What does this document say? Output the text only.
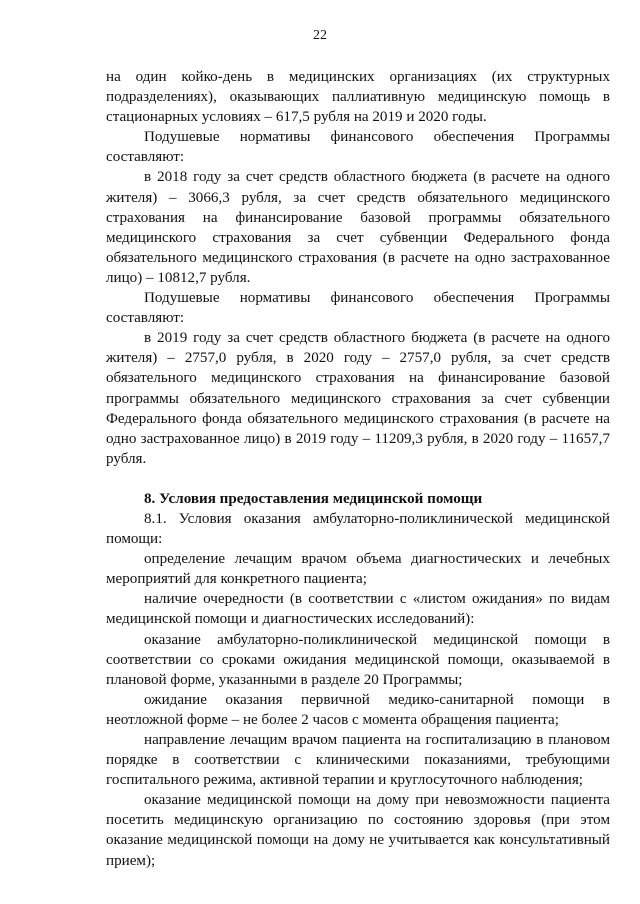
22

на один койко-день в медицинских организациях (их структурных подразделениях), оказывающих паллиативную медицинскую помощь в стационарных условиях – 617,5 рубля на 2019 и 2020 годы.

Подушевые нормативы финансового обеспечения Программы составляют:

в 2018 году за счет средств областного бюджета (в расчете на одного жителя) – 3066,3 рубля, за счет средств обязательного медицинского страхования на финансирование базовой программы обязательного медицинского страхования за счет субвенции Федерального фонда обязательного медицинского страхования (в расчете на одно застрахованное лицо) – 10812,7 рубля.

Подушевые нормативы финансового обеспечения Программы составляют:

в 2019 году за счет средств областного бюджета (в расчете на одного жителя) – 2757,0 рубля, в 2020 году – 2757,0 рубля, за счет средств обязательного медицинского страхования на финансирование базовой программы обязательного медицинского страхования за счет субвенции Федерального фонда обязательного медицинского страхования (в расчете на одно застрахованное лицо) в 2019 году – 11209,3 рубля, в 2020 году – 11657,7 рубля.

8. Условия предоставления медицинской помощи

8.1. Условия оказания амбулаторно-поликлинической медицинской помощи:

определение лечащим врачом объема диагностических и лечебных мероприятий для конкретного пациента;

наличие очередности (в соответствии с «листом ожидания» по видам медицинской помощи и диагностических исследований):

оказание амбулаторно-поликлинической медицинской помощи в соответствии со сроками ожидания медицинской помощи, оказываемой в плановой форме, указанными в разделе 20 Программы;

ожидание оказания первичной медико-санитарной помощи в неотложной форме – не более 2 часов с момента обращения пациента;

направление лечащим врачом пациента на госпитализацию в плановом порядке в соответствии с клиническими показаниями, требующими госпитального режима, активной терапии и круглосуточного наблюдения;

оказание медицинской помощи на дому при невозможности пациента посетить медицинскую организацию по состоянию здоровья (при этом оказание медицинской помощи на дому не учитывается как консультативный прием);
